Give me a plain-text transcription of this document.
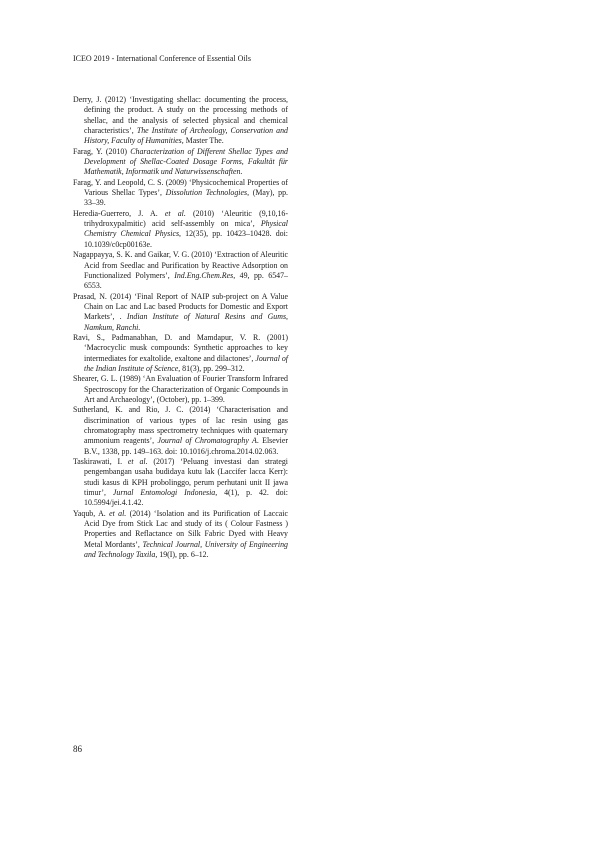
ICEO 2019 - International Conference of Essential Oils

Derry, J. (2012) ‘Investigating shellac: documenting the process, defining the product. A study on the processing methods of shellac, and the analysis of selected physical and chemical characteristics’, The Institute of Archeology, Conservation and History, Faculty of Humanities, Master The.

Farag, Y. (2010) Characterization of Different Shellac Types and Development of Shellac-Coated Dosage Forms, Fakultät für Mathematik, Informatik und Naturwissenschaften.

Farag, Y. and Leopold, C. S. (2009) ‘Physicochemical Properties of Various Shellac Types’, Dissolution Technologies, (May), pp. 33–39.

Heredia-Guerrero, J. A. et al. (2010) ‘Aleuritic (9,10,16-trihydroxypalmitic) acid self-assembly on mica’, Physical Chemistry Chemical Physics, 12(35), pp. 10423–10428. doi: 10.1039/c0cp00163e.

Nagappayya, S. K. and Gaikar, V. G. (2010) ‘Extraction of Aleuritic Acid from Seedlac and Purification by Reactive Adsorption on Functionalized Polymers’, Ind.Eng.Chem.Res, 49, pp. 6547–6553.

Prasad, N. (2014) ‘Final Report of NAIP sub-project on A Value Chain on Lac and Lac based Products for Domestic and Export Markets’, . Indian Institute of Natural Resins and Gums, Namkum, Ranchi.

Ravi, S., Padmanabhan, D. and Mamdapur, V. R. (2001) ‘Macrocyclic musk compounds: Synthetic approaches to key intermediates for exaltolide, exaltone and dilactones’, Journal of the Indian Institute of Science, 81(3), pp. 299–312.

Shearer, G. L. (1989) ‘An Evaluation of Fourier Transform Infrared Spectroscopy for the Characterization of Organic Compounds in Art and Archaeology’, (October), pp. 1–399.

Sutherland, K. and Rio, J. C. (2014) ‘Characterisation and discrimination of various types of lac resin using gas chromatography mass spectrometry techniques with quaternary ammonium reagents’, Journal of Chromatography A. Elsevier B.V., 1338, pp. 149–163. doi: 10.1016/j.chroma.2014.02.063.

Taskirawati, I. et al. (2017) ‘Peluang investasi dan strategi pengembangan usaha budidaya kutu lak (Laccifer lacca Kerr): studi kasus di KPH probolinggo, perum perhutani unit II jawa timur’, Jurnal Entomologi Indonesia, 4(1), p. 42. doi: 10.5994/jei.4.1.42.

Yaqub, A. et al. (2014) ‘Isolation and its Purification of Laccaic Acid Dye from Stick Lac and study of its ( Colour Fastness ) Properties and Reflactance on Silk Fabric Dyed with Heavy Metal Mordants’, Technical Journal, University of Engineering and Technology Taxila, 19(I), pp. 6–12.

86
